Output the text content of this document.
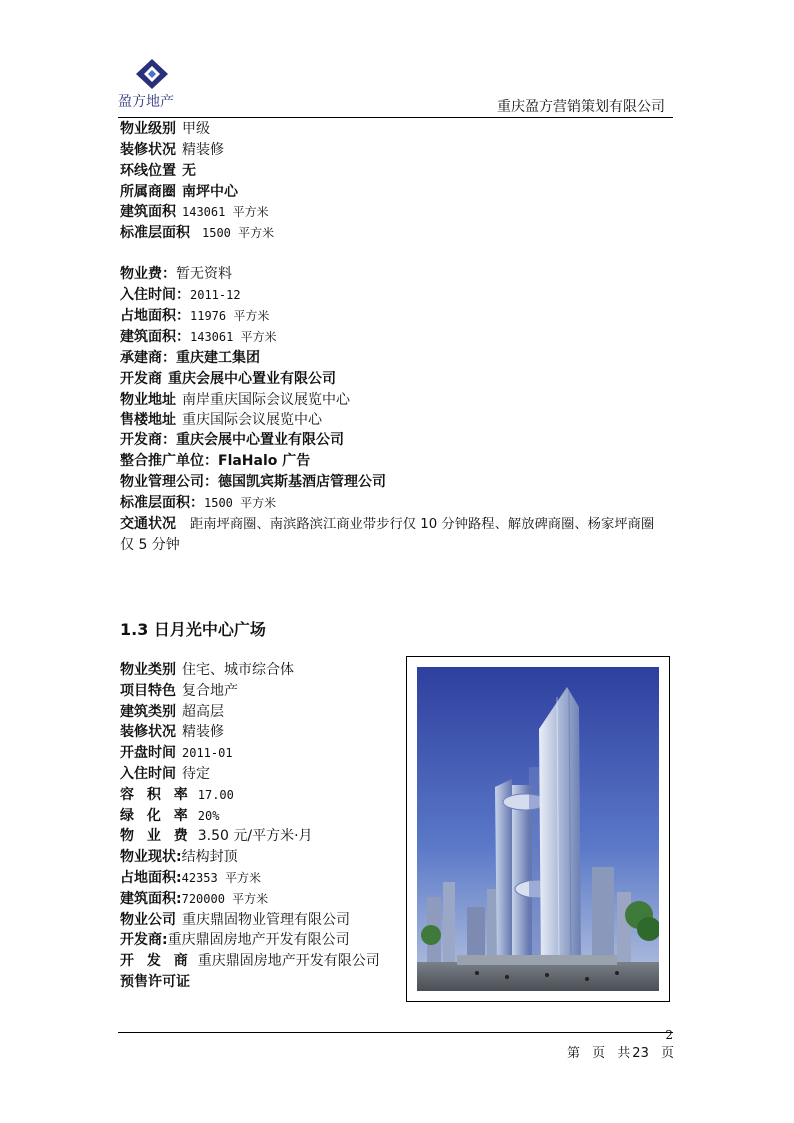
盈方地产	重庆盈方营销策划有限公司
物业级别 甲级
装修状况 精装修
环线位置 无
所属商圈 南坪中心
建筑面积 143061 平方米
标准层面积 1500 平方米
物业费：暂无资料
入住时间：2011-12
占地面积：11976 平方米
建筑面积：143061 平方米
承建商：重庆建工集团
开发商 重庆会展中心置业有限公司
物业地址 南岸重庆国际会议展览中心
售楼地址 重庆国际会议展览中心
开发商：重庆会展中心置业有限公司
整合推广单位：FlaHalo 广告
物业管理公司：德国凯宾斯基酒店管理公司
标准层面积：1500 平方米
交通状况 距南坪商圈、南滨路滨江商业带步行仅 10 分钟路程、解放碑商圈、杨家坪商圈
仅 5 分钟
1.3 日月光中心广场
物业类别 住宅、城市综合体
项目特色 复合地产
建筑类别 超高层
装修状况 精装修
开盘时间 2011-01
入住时间 待定
容 积 率 17.00
绿 化 率 20%
物 业 费 3.50 元/平方米·月
物业现状:结构封顶
占地面积:42353 平方米
建筑面积:720000 平方米
物业公司 重庆鼎固物业管理有限公司
开发商:重庆鼎固房地产开发有限公司
开 发 商 重庆鼎固房地产开发有限公司
预售许可证
2
第 页 共 23 页
